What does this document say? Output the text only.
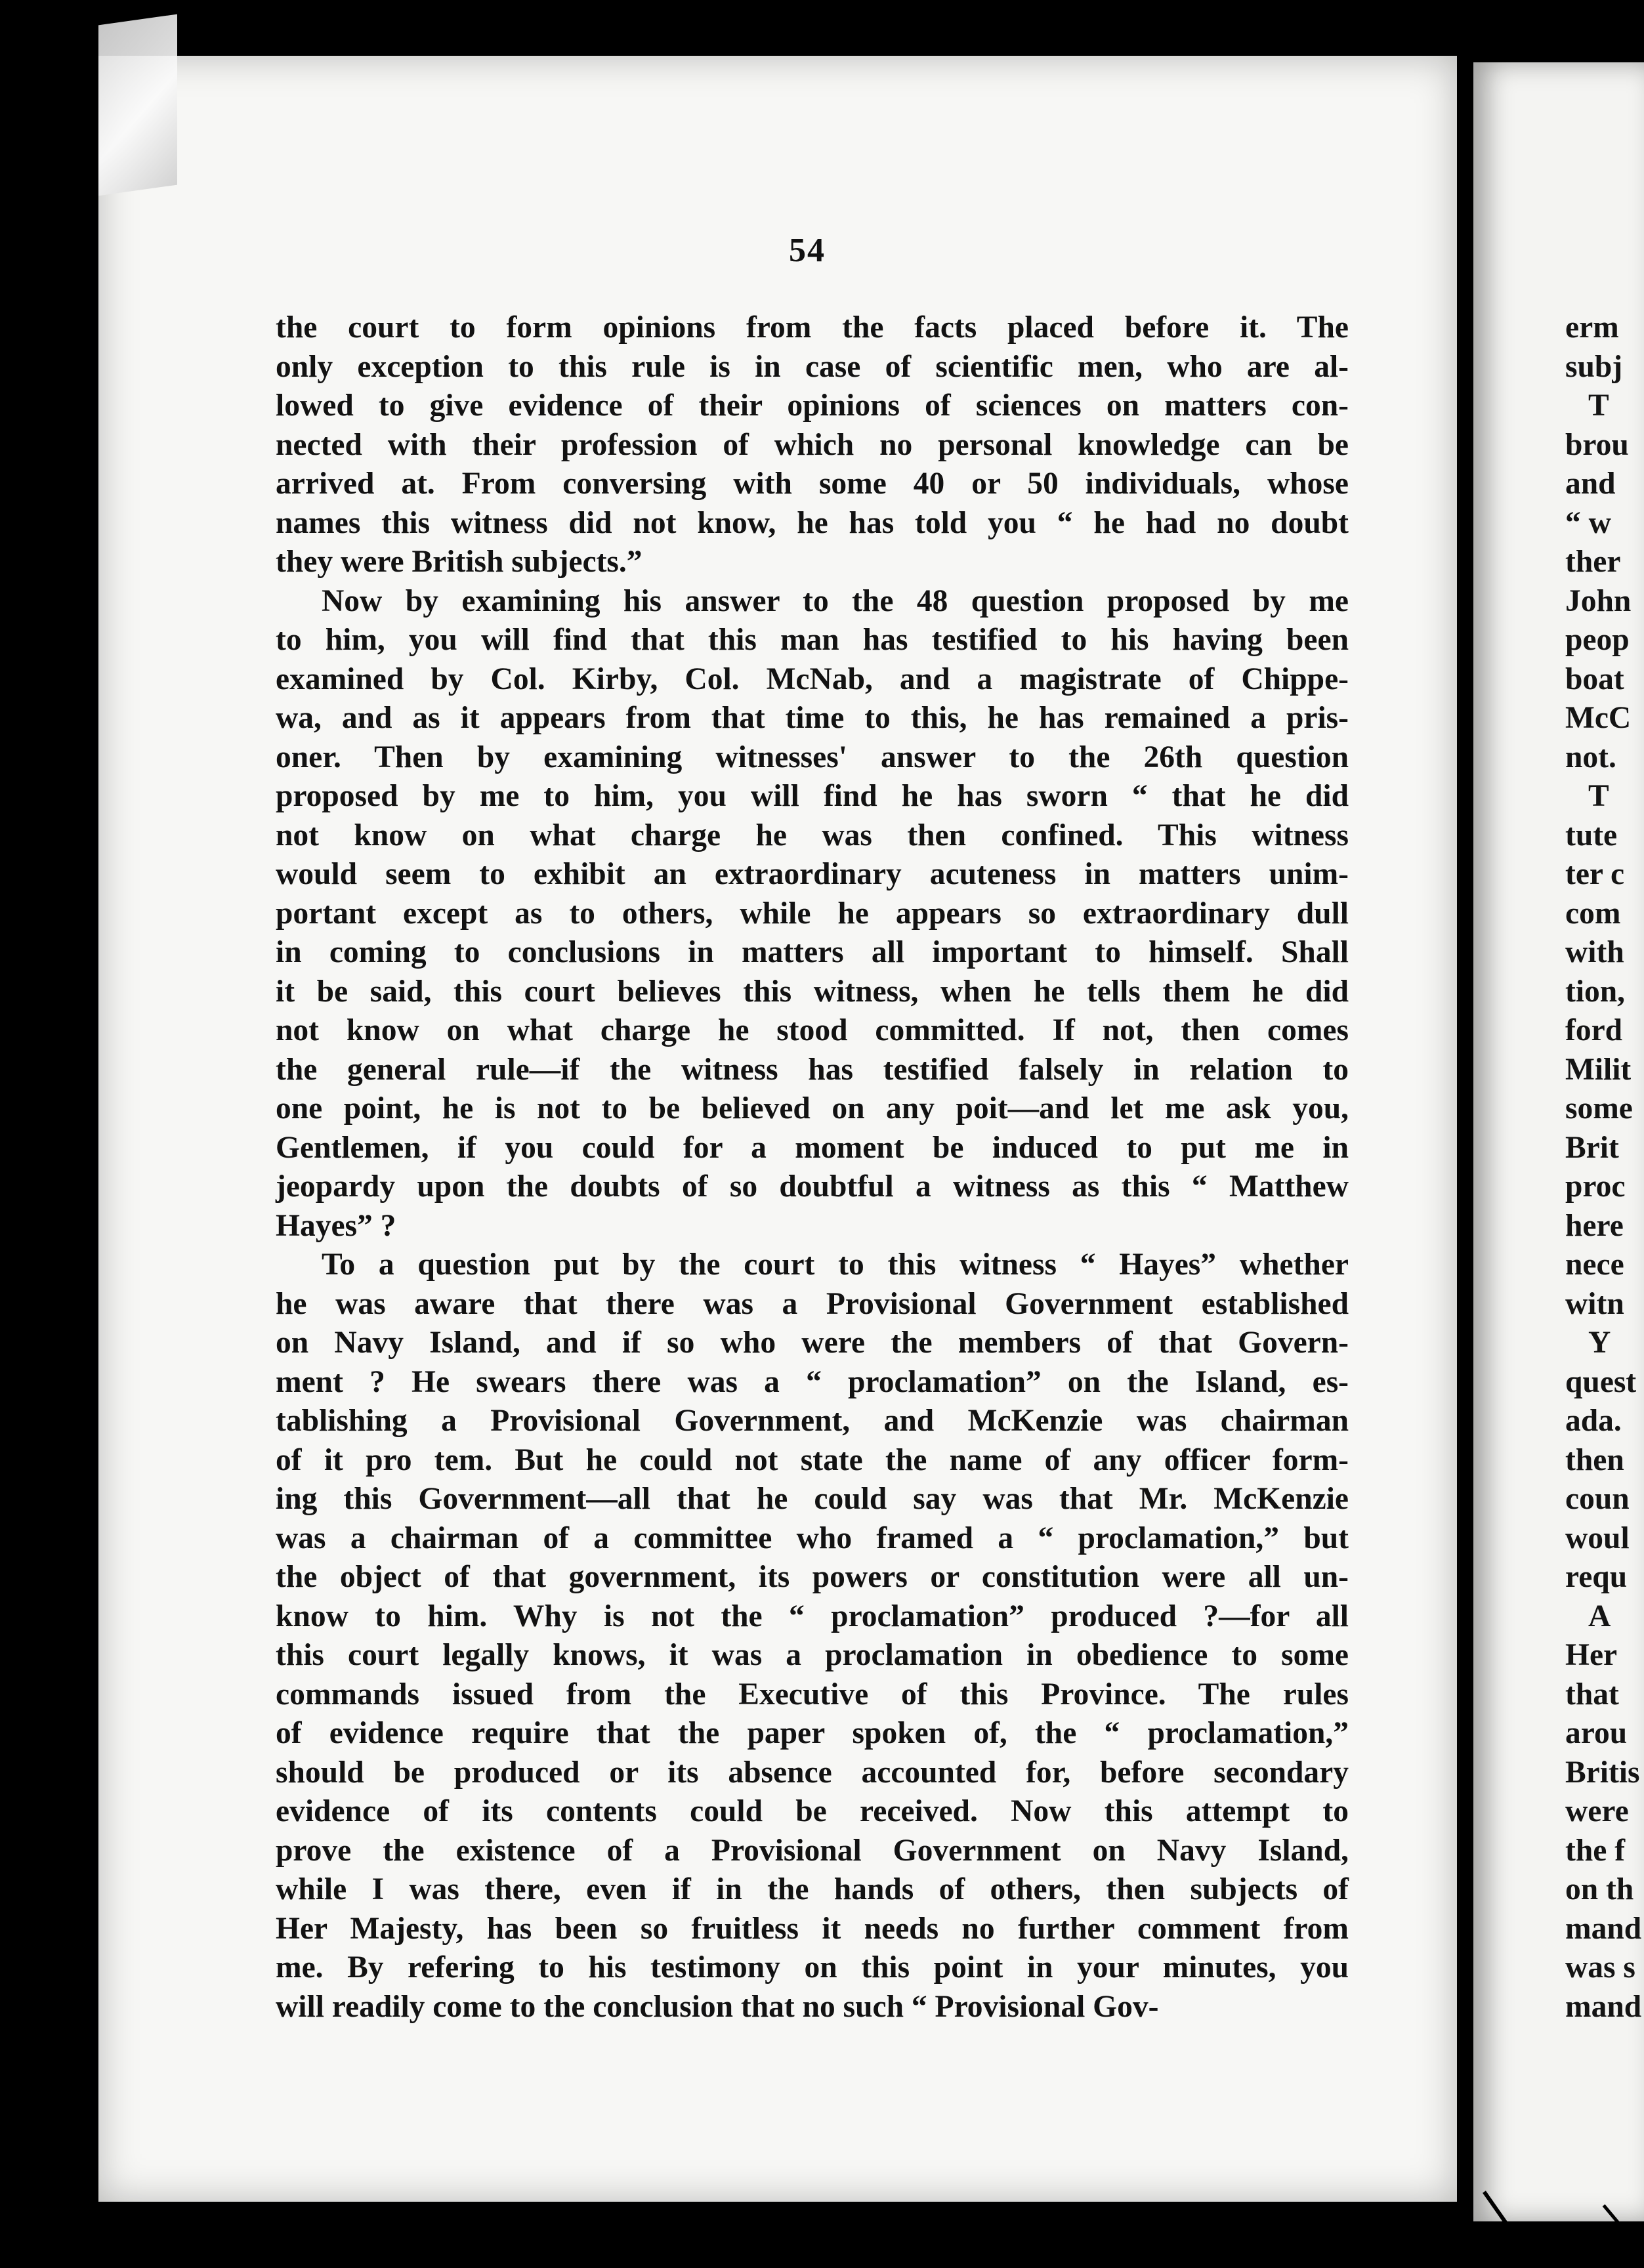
54
the court to form opinions from the facts placed before it. The
only exception to this rule is in case of scientific men, who are al-
lowed to give evidence of their opinions of sciences on matters con-
nected with their profession of which no personal knowledge can be
arrived at. From conversing with some 40 or 50 individuals, whose
names this witness did not know, he has told you “ he had no doubt
they were British subjects.”
Now by examining his answer to the 48 question proposed by me
to him, you will find that this man has testified to his having been
examined by Col. Kirby, Col. McNab, and a magistrate of Chippe-
wa, and as it appears from that time to this, he has remained a pris-
oner. Then by examining witnesses' answer to the 26th question
proposed by me to him, you will find he has sworn “ that he did
not know on what charge he was then confined. This witness
would seem to exhibit an extraordinary acuteness in matters unim-
portant except as to others, while he appears so extraordinary dull
in coming to conclusions in matters all important to himself. Shall
it be said, this court believes this witness, when he tells them he did
not know on what charge he stood committed. If not, then comes
the general rule—if the witness has testified falsely in relation to
one point, he is not to be believed on any poit—and let me ask you,
Gentlemen, if you could for a moment be induced to put me in
jeopardy upon the doubts of so doubtful a witness as this “ Matthew
Hayes” ?
To a question put by the court to this witness “ Hayes” whether
he was aware that there was a Provisional Government established
on Navy Island, and if so who were the members of that Govern-
ment ? He swears there was a “ proclamation” on the Island, es-
tablishing a Provisional Government, and McKenzie was chairman
of it pro tem. But he could not state the name of any officer form-
ing this Government—all that he could say was that Mr. McKenzie
was a chairman of a committee who framed a “ proclamation,” but
the object of that government, its powers or constitution were all un-
know to him. Why is not the “ proclamation” produced ?—for all
this court legally knows, it was a proclamation in obedience to some
commands issued from the Executive of this Province. The rules
of evidence require that the paper spoken of, the “ proclamation,”
should be produced or its absence accounted for, before secondary
evidence of its contents could be received. Now this attempt to
prove the existence of a Provisional Government on Navy Island,
while I was there, even if in the hands of others, then subjects of
Her Majesty, has been so fruitless it needs no further comment from
me. By refering to his testimony on this point in your minutes, you
will readily come to the conclusion that no such “ Provisional Gov-
erm
subj
T
brou
and
“ w
ther
John
peop
boat
McC
not.
T
tute
ter c
com
with
tion,
ford
Milit
some
Brit
proc
here
nece
witn
Y
quest
ada.
then
coun
woul
requ
A
Her
that
arou
Britis
were
the f
on th
mand
was s
mand
